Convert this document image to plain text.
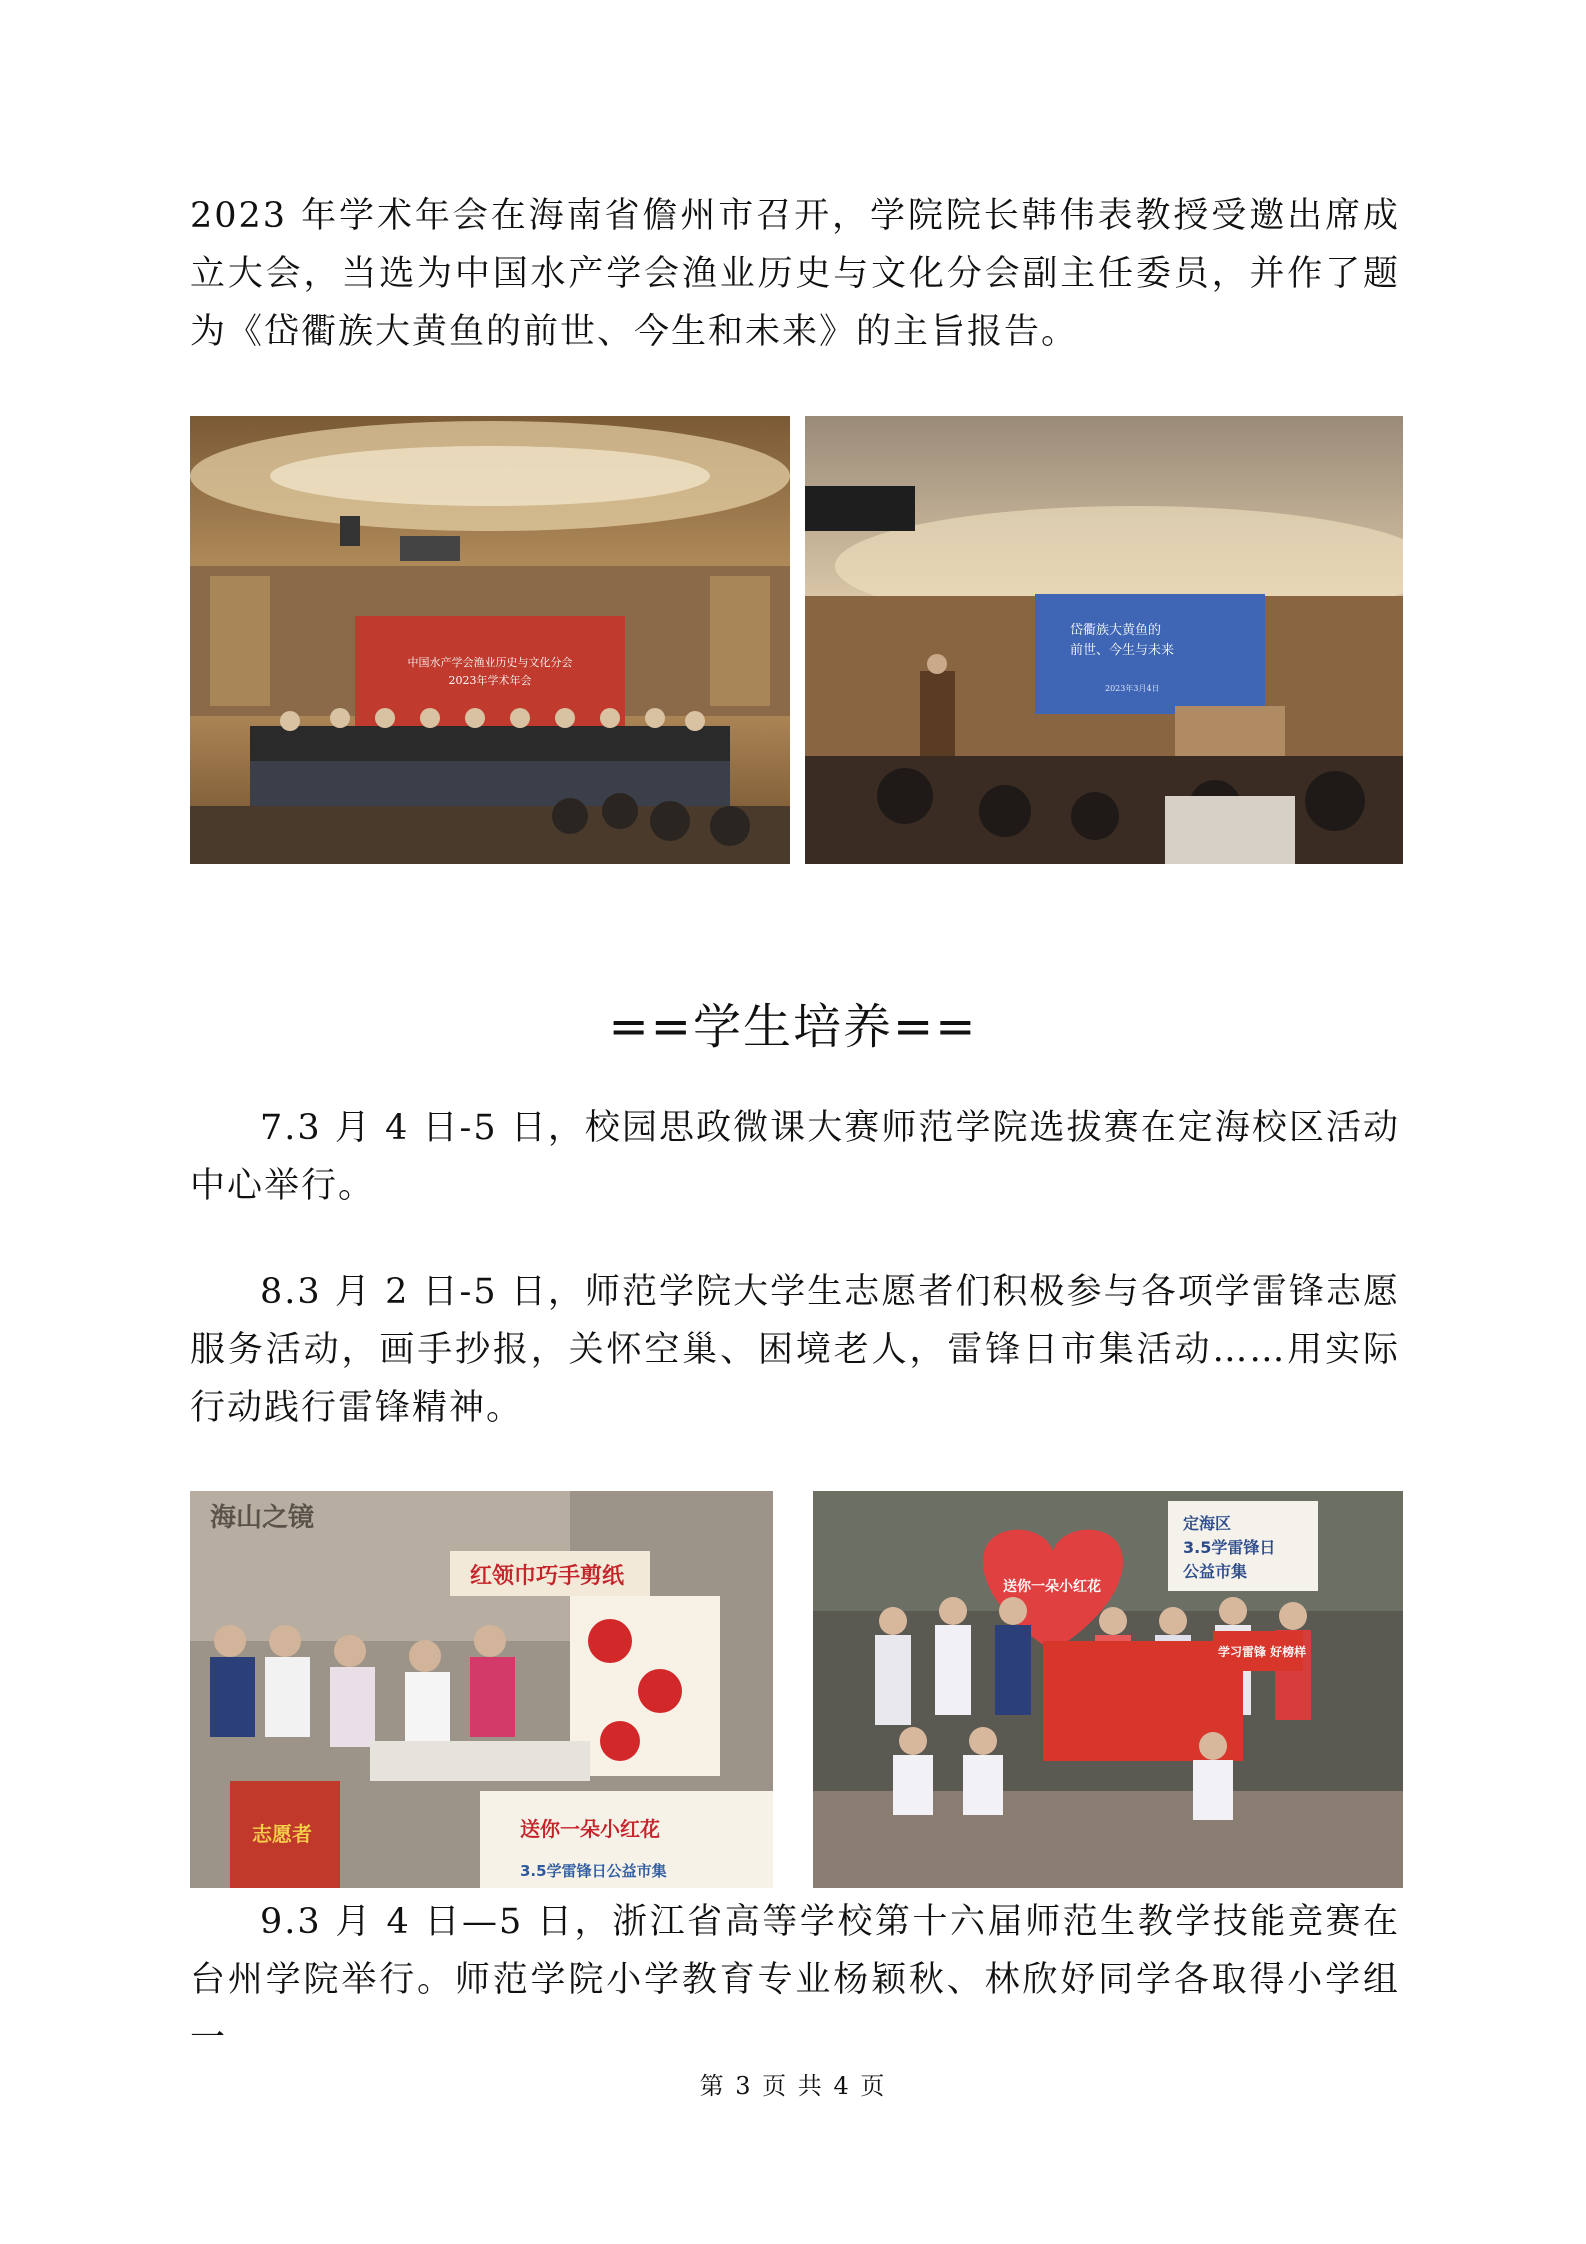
2023 年学术年会在海南省儋州市召开，学院院长韩伟表教授受邀出席成立大会，当选为中国水产学会渔业历史与文化分会副主任委员，并作了题为《岱衢族大黄鱼的前世、今生和未来》的主旨报告。

中国水产学会渔业历史与文化分会
2023年学术年会
岱衢族大黄鱼的
前世、今生与未来
2023年3月4日
==学生培养==

7.3 月 4 日-5 日，校园思政微课大赛师范学院选拔赛在定海校区活动中心举行。

8.3 月 2 日-5 日，师范学院大学生志愿者们积极参与各项学雷锋志愿服务活动，画手抄报，关怀空巢、困境老人，雷锋日市集活动……用实际行动践行雷锋精神。

海山之镜
红领巾巧手剪纸
志愿者	送你一朵小红花
3.5学雷锋日公益市集
送你一朵小红花
定海区
3.5学雷锋日
公益市集
学习雷锋 好榜样

9.3 月 4 日—5 日，浙江省高等学校第十六届师范生教学技能竞赛在台州学院举行。师范学院小学教育专业杨颖秋、林欣妤同学各取得小学组一

第 3 页 共 4 页
